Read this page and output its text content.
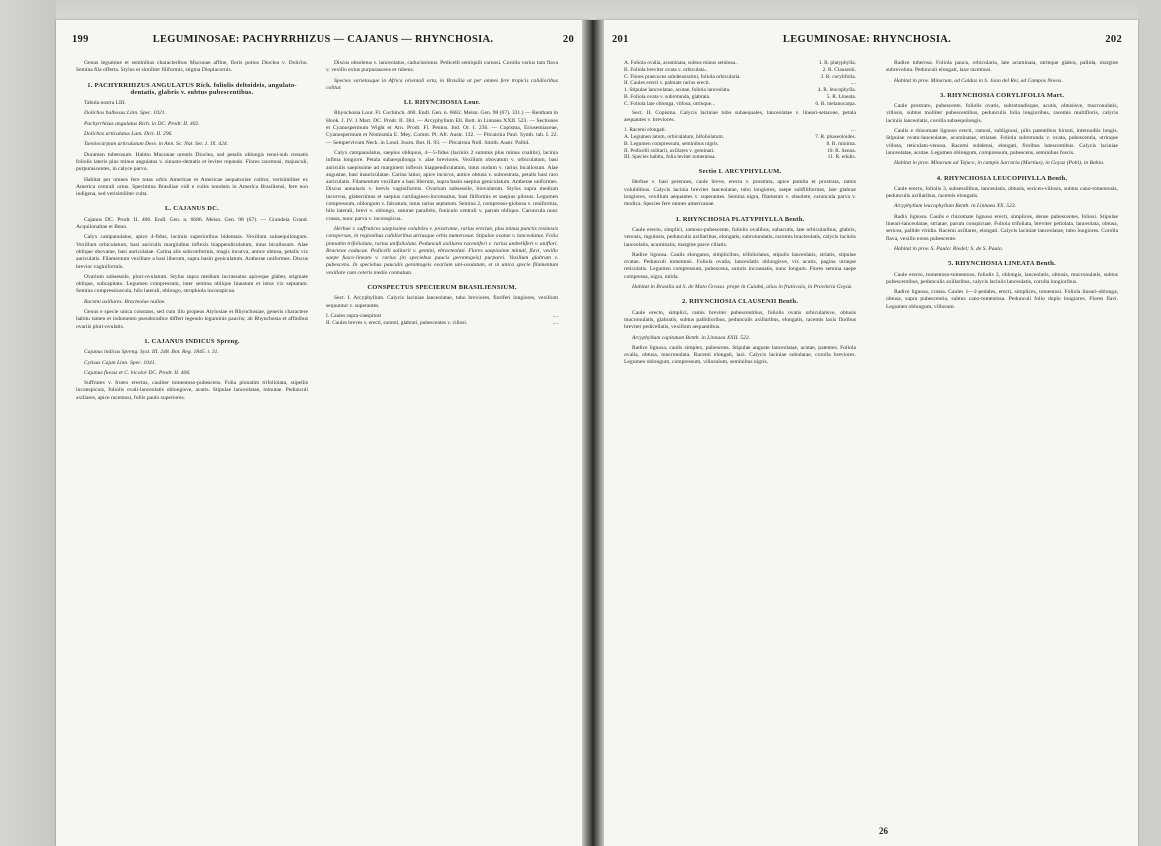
199	LEGUMINOSAE: PACHYRRHIZUS — CAJANUS — RHYNCHOSIA.	20

Genus legumine et seminibus characteribus Mucunae affine, floris potius Dioclea v. Dolicho. Semina fila offerta. Stylus et similiter filiformis, stigma Dioplacornis.

1. PACHYRRHIZUS ANGULATUS Rich. foliolis deltoideis, angulato-dentatis, glabris v. subtus pubescentibus.

Tabula nostra LIII.

Dolichos bulbosus Linn. Spec. 1021.

Pachyrrhizus angulatus Rich. in DC. Prodr. II. 402.

Dolichos articulatus Lam. Dict. II. 296.

Taeniocarpum articulatum Desv. in Ann. Sc. Nat. Ser. 1. IX. 424.

Duramen tuberosum. Habitu Mucunae ureutis Dioclea, sed petalis oblongis tenui-sub crenatis foliolis lateris plus minus angulatus v. sinuato-dentatis et leviter repando. Flores racemosi, majusculi, purpurascentes, in calyce parvo.

Habitat per omnes fere totas orbis Americae et Americae aequatoriae colitur, verisimiliter ex America centrali ortus. Specimina Brasiliae vidi e cultis nondum in America Brasiliensi, fere non indigena, sed verisimiliter culta.

L. CAJANUS DC.

Cajanus DC. Prodr. II. 406. Endl. Gen. n. 6686. Meisn. Gen. 98 (67). — Grandeia Grand. Acquilonaltae et Benn.

Calyx campanulatus, apice 4-fidus, laciniis superioribus bidentata. Vexillum subaequilongum. Vexillum orbiculatum, basi auriculis marginibus inflexis biappendiculatum, intus bicallosum. Alae oblique obovatae, basi auriculatae. Carina alis subconformis, magis incurva, antice obtusa, petalis vix auriculatis. Filamentum vexillare a basi liberum, supra basin geniculatum. Antherae uniformes. Discus brevior vaginiformis.

Ovarium subsessile, pluri-ovulatum. Stylus supra medium incrassatus apiceque glaber, stigmate oblique, subcapitato. Legumen compressum, inter semina oblique lineatum et intus vix septatum. Semina compressiuscula, hilo laterali, oblongo, strophiola inconspicua.

Racemi axillares. Bracteolae nullae.

Genus e specie unica constans, sed cum illo propeus Atylosiae et Rhynchosiae, generis charactere habitu tamen et indumento pseudoradice differt legendo leguminis pauciis; ab Rhynchosia et affinibus ovariis pluri-ovulatis.

1. CAJANUS INDICUS Spreng.

Cajanus indicus Spreng. Syst. III. 248. Bot. Reg. 1845. t. 31.

Cytisus Cajan Linn. Spec. 1041.

Cajanus flavus et C. bicolor DC. Prodr. II. 406.

Suffrutex v. frutex erectus, cauliter tomentoso-pubescens. Folia pinnatim trifoliolata, stipellis inconspicuis, foliolis ovali-lanceolatis oblongisve, acutis. Stipulae lanceolatae, minutae. Pedunculi axillares, apice racemosi, foliis paulo superiores.

Discus obsoletus v. lanceolatus, caducissimus. Pedicelli semiquili carnosi. Corolla varius tam flava v. vexillo extus purpurascens et rubens.

Species varietasque in Africa orientali orta, in Brasilia ut per omnes fere tropicis calidioribus colitur.

LI. RHYNCHOSIA Lour.

Rhynchosia Lour. Fl. Cochinch. 460. Endl. Gen. n. 6682. Meisn. Gen. 98 (67). 331.) — Bentham in Hook. J. IV. 1 Mart. DC. Prodr. II. 384. — Arcyphyllum Ell. Bott. in Linnaea XXII. 523. — Sectiones et Cyanospermum Wight et Arn. Prodr. Fl. Penins. Ind. Or. I. 236. — Copisma, Eriosemiaceae, Cyanospermum et Nomismia E. Mey. Comm. Pl. Afr. Austr. 132. — Pitcairnia Paul. Symb. tab. I. 22. — Sempervivum Neck. in Lond. Journ. Bot. II. 93. — Pitcairnia Noll. Smith. Austr. Pallid.

Calyx campanulatus, saepius obliquus, 4—5-fidus (laciniis 2 summis plus minus coalitis), lacinia infima longiore. Petala subaequilonga v. alae breviores. Vexillum obovatum v. orbiculatum, basi auriculis saepissime ad marginem inflexis biappendiculatum, intus nudum v. rarius bicallosum. Alae angustae, basi inauriculatae. Carina latior, apice incurva, antice obtusa v. subrostrata, petalis basi raro auriculatis. Filamentum vexillare a basi liberum, supra basin saepius geniculatum. Antherae uniformes. Discus annularis v. brevis vaginiformis. Ovarium subsessile, biovulatum. Stylus supra medium incurvus, glaberrimus et saepius cartilagineo-incrassatus, basi filiformis et saepius pilosus. Legumen compressum, oblongum v. falcatum, intus rarius septatum. Semina 2, compresso-globosa v. reniformia, hilo laterali, brevi v. oblongo, suturae parallelo, funiculo centrali v. parum obliquo. Caruncula nunc crassa, nunc parva v. inconspicua.

Herbae v. suffrutices saepissime volubiles v. prostratae, rarius erectae, plus minus punctis resinosis conspersae, in regionibus calidioribus utriusque orbis numerosae. Stipulae ovatae v. lanceolatae. Folia pinnatim trifoliolata, rarius unifoliolata. Pedunculi axillares racemiferi v. rarius umbelliferi v. uniflori. Bracteae caducae. Pedicelli solitarii v. gemini, ebracteolati. Flores saepissime minuti, flavi, vexillo saepe fusco-lineato v. rarius (in speciebus paucis gerontogeis) purpurei. Vexillum glabrum v. pubescens. In speciebus pauculis gerontogeis ovarium uni-ovulatum, et in unica specie filamentum vexillare cum ceteris medio connatum.

CONSPECTUS SPECIERUM BRASILIENSIUM.

Sect. I. Arcyphyllum. Calycis laciniae lanceolatae, tubo breviores, floriferi longiores, vexillum sequuntur v. superantes.

I. Caules supra-caespitosi	....
II. Caules breves v. erecti, summi, glabrati, pubescentes v. villosi.	....
201	LEGUMINOSAE: RHYNCHOSIA.	202
A. Foliola ovalia, acuminata, subtus minus setulosa..	1. R. platyphylla.
B. Foliola breviter ovata v. orbiculata..	2. R. Clausenii.
C. Flores praecoces subdensissimi, foliola orbicularia.	3. R. corylifolia.
II. Caules erecti v. palmate rarius erecti.	....
1. Stipulae lanceolatae, acutae, foliola lanceolata.	4. R. leucophylla.
B. Foliola ovata v. subrotunda, glabrata.	5. R. Lineata.
C. Foliola late oblonga, villosa, utrinque...	6. R. melanocarpa.

Sect. II. Copisma. Calycis laciniae tubo subaequales, lanceolatae v. lineari-setaceae, petala aequantes v. breviores.

1. Racemi elongati.	....
A. Legumen latum, orbiculatum, bifoliolatum.	7. R. phaseoloides.
B. Legumen compressum, seminibus nigris.	8. R. minima.
II. Pedicelli solitarii, axillares v. geminati.	10. R. Senna.
III. Species habitu, folia leviter tomentosa.	11. R. edulis.

Sectio I. ARCYPHYLLUM.

Herbae v. basi perennes, caule breve, erecta v. prostrata, apice pumila et prostrata, ramis volubilibus. Calycis lacinia breviter lanceolatae, tubo longiores, saepe subfiliformes, late glabrae longiores, vexillum aequantes v. superantes. Semina nigra, filamento v. obsolete, caruncula parva v. modica. Species fere omnes americanae.

1. RHYNCHOSIA PLATYPHYLLA Benth.

Caule erecto, simplici, ramoso-pubescente, foliolis ovalibus, subacutis, late orbicularibus, glabris, venosis, rugulosis, pedunculis axillaribus, elongatis, subrotundatis, racemis bracteolatis, calycis laciniis lanceolatis, acuminatis, margine parce ciliatis.

Radice lignosa. Caulis elongatus, simplicibus, trifoliolatus, stipulis lanceolatis, striatis, stipulae ovatae. Pedunculi tomentosi. Foliola ovalia, lanceolatis oblongisve, vix acutis, pagina utraque reticulatis. Legumen compressum, pubescens, suturis incrassatis, nunc longum. Flores semina saepe compressa, nigra, nitida.

Habitat in Brasilia ad S. de Mato Grosso. prope in Cuiabá, alias in fruticosis, in Provincia Goyaz.

2. RHYNCHOSIA CLAUSENII Benth.

Caule erecto, simplici, ramis breviter pubescentibus, foliolis ovatis orbiculatisve, obtusis mucronulatis, glabratis, subtus pallidioribus, pedunculis axillaribus, elongatis, racemis laxis floribus breviter pedicellatis, vexillum aequantibus.

Arcyphyllum capitatum Benth. in Linnaea XXII. 523.

Radice lignosa, caulis simplex, pubescens. Stipulae anguste lanceolatae, acutae, patentes. Foliola ovalia, obtusa, mucronulata. Racemi elongati, laxi. Calycis laciniae subulatae, corolla breviores. Legumen oblongum, compressum, villosulum, seminibus nigris.

Radice tuberosa. Foliola pauca, orbicularia, late acuminata, utrinque glabra, pallida, margine subrevoluta. Pedunculi elongati, laxe racemosi.

Habitat in prov. Minarum, ad Caldas in S. Joao del Rei, ad Campos Novos.

3. RHYNCHOSIA CORYLIFOLIA Mart.

Caule prostrato, pubescente, foliolis ovatis, subrotundisque, acutis, obtusisve, mucronulatis, villosis, subtus molliter pubescentibus, pedunculis folia longioribus, racemis multifloris, calycis laciniis lanceolatis, corolla subaequilongis.

Caulis e rhizomate lignoso erecti, ramosi, sublignosi, pilis patentibus hirsuti, internodiis longis. Stipulae ovato-lanceolatae, acuminatae, striatae. Foliola subrotunda v. ovata, pubescentia, utrinque villosa, reticulato-venosa. Racemi subdensi, elongati, floribus lutescentibus. Calycis laciniae lanceolatae, acutae. Legumen oblongum, compressum, pubescens, seminibus fuscis.

Habitat in prov. Minarum ad Tejuco, in campis Sarraria (Martius), in Goyaz (Pohl), in Bahia.

4. RHYNCHOSIA LEUCOPHYLLA Benth.

Caule erecto, foliolis 3, subsessilibus, lanceolatis, obtusis, sericeo-villosis, subtus cano-tomentosis, pedunculis axillaribus, racemis elongatis.

Arcyphyllum leucophyllum Benth. in Linnaea XX. 523.

Radix lignosa. Caulis e rhizomate lignoso erecti, simplices, dense pubescentes, foliosi. Stipulae lineari-lanceolatae, striatae, parum conspicuae. Foliola trifoliata, breviter petiolata, lanceolata, obtusa, sericea, pallide viridia. Racemi axillares, elongati. Calycis laciniae lanceolatae, tubo longiores. Corolla flava, vexillo extus pubescente.

Habitat in prov. S. Paulo: Riedel; S. de S. Paulo.

5. RHYNCHOSIA LINEATA Benth.

Caule erecto, tomentoso-tomentoso, foliolis 3, oblongis, lanceolatis, obtusis, mucronulatis, subtus pubescentibus, pedunculis axillaribus, calycis laciniis lanceolatis, corolla longioribus.

Radice lignosa, crassa. Caules 1—2-pedales, erecti, simplices, tomentosi. Foliola lineari-oblonga, obtusa, supra pubescentia, subtus cano-tomentosa. Pedunculi folio duplo longiores. Flores flavi. Legumen oblongum, villosum.

26
